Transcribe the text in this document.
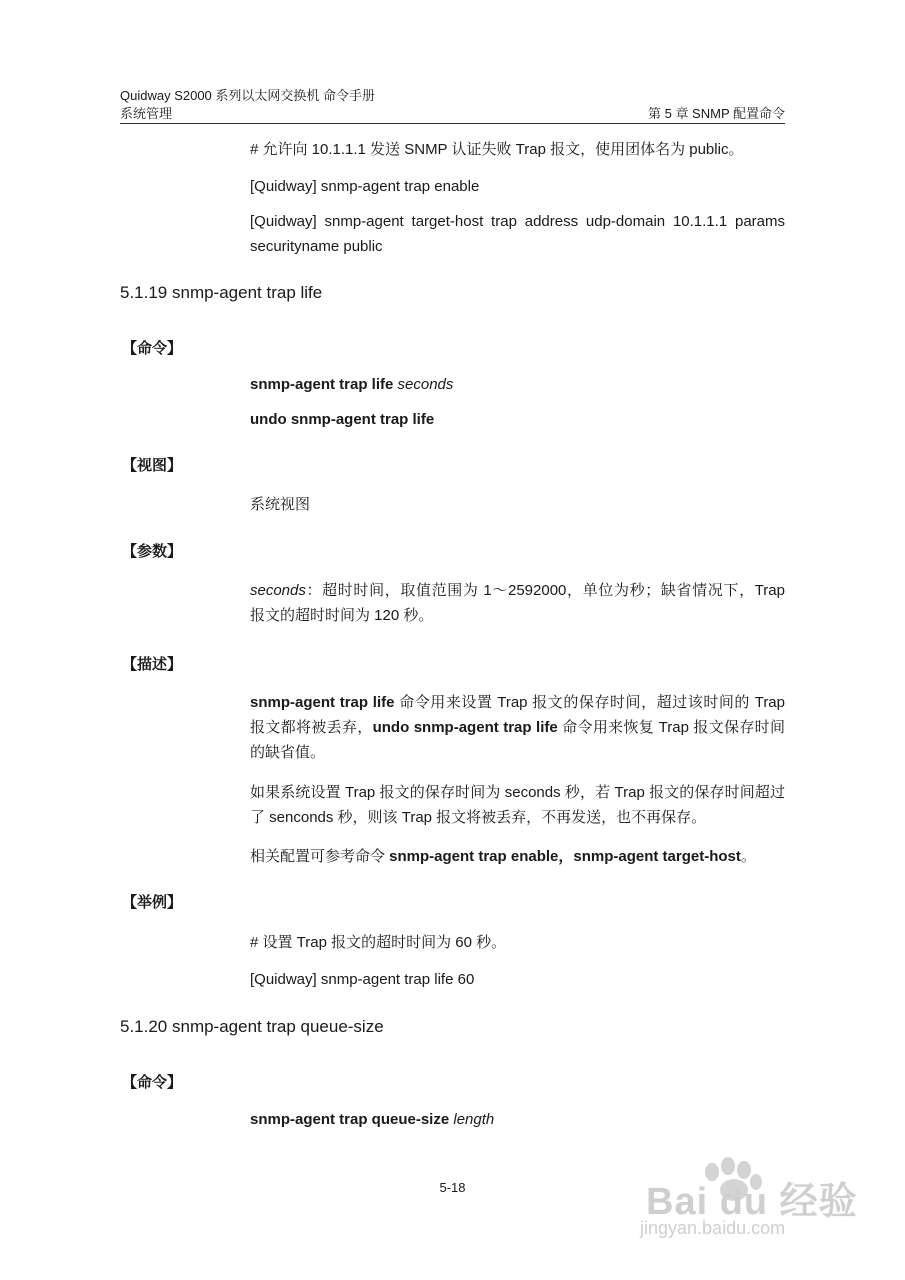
Quidway S2000 系列以太网交换机 命令手册
系统管理	第 5 章 SNMP 配置命令
# 允许向 10.1.1.1 发送 SNMP 认证失败 Trap 报文，使用团体名为 public。
[Quidway] snmp-agent trap enable
[Quidway] snmp-agent target-host trap address udp-domain 10.1.1.1 params securityname public
5.1.19 snmp-agent trap life
【命令】
snmp-agent trap life seconds
undo snmp-agent trap life
【视图】
系统视图
【参数】
seconds：超时时间，取值范围为 1～2592000，单位为秒；缺省情况下，Trap 报文的超时时间为 120 秒。
【描述】
snmp-agent trap life 命令用来设置 Trap 报文的保存时间，超过该时间的 Trap 报文都将被丢弃，undo snmp-agent trap life 命令用来恢复 Trap 报文保存时间的缺省值。
如果系统设置 Trap 报文的保存时间为 seconds 秒，若 Trap 报文的保存时间超过了 senconds 秒，则该 Trap 报文将被丢弃，不再发送，也不再保存。
相关配置可参考命令 snmp-agent trap enable，snmp-agent target-host。
【举例】
# 设置 Trap 报文的超时时间为 60 秒。
[Quidway] snmp-agent trap life 60
5.1.20 snmp-agent trap queue-size
【命令】
snmp-agent trap queue-size length
5-18	Bai du 经验
jingyan.baidu.com
